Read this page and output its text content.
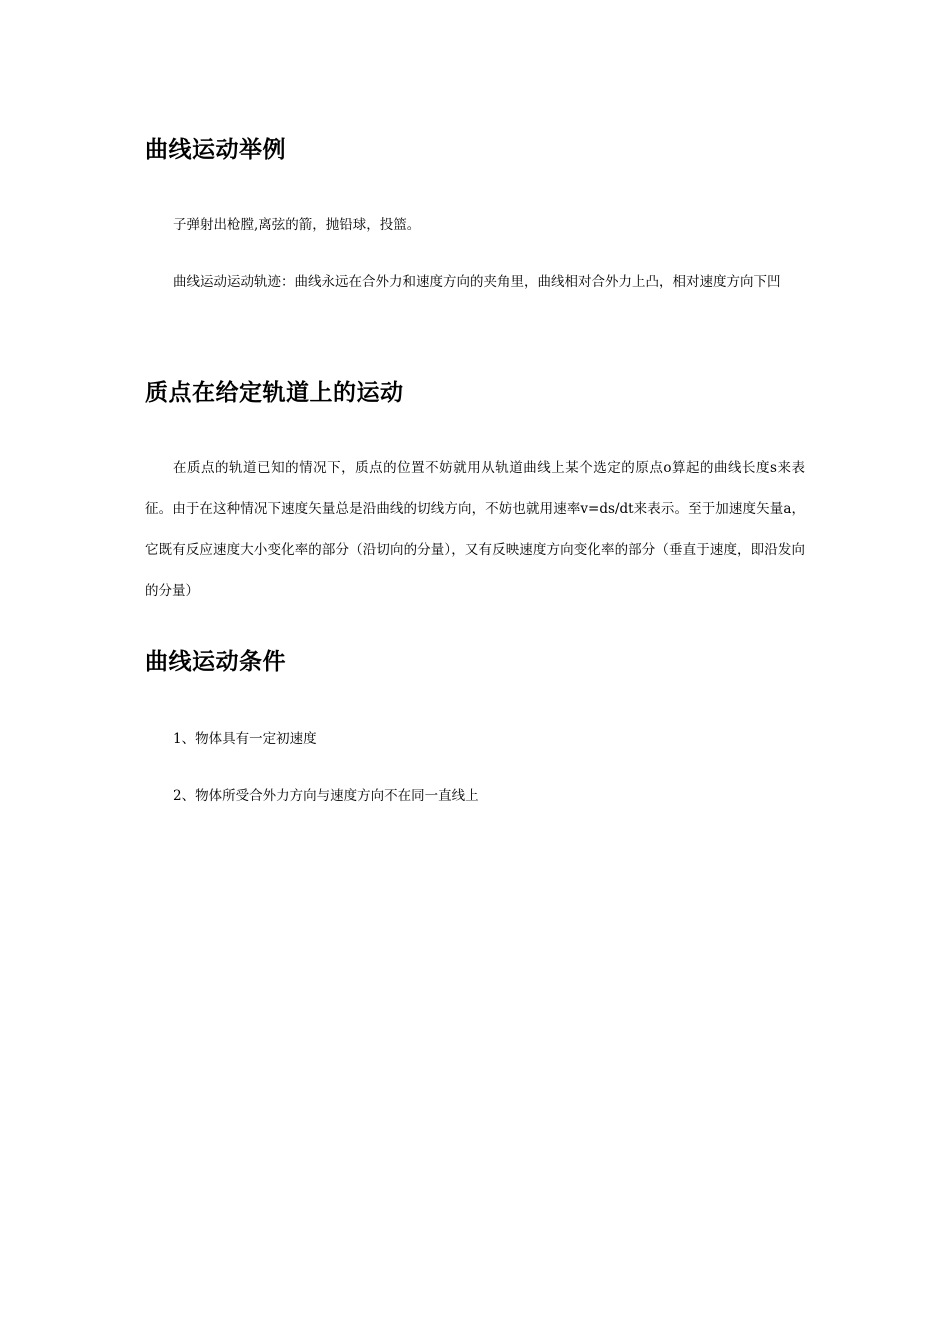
曲线运动举例

子弹射出枪膛,离弦的箭，抛铅球，投篮。

曲线运动运动轨迹：曲线永远在合外力和速度方向的夹角里，曲线相对合外力上凸，相对速度方向下凹

质点在给定轨道上的运动

在质点的轨道已知的情况下，质点的位置不妨就用从轨道曲线上某个选定的原点o算起的曲线长度s来表征。由于在这种情况下速度矢量总是沿曲线的切线方向，不妨也就用速率v=ds/dt来表示。至于加速度矢量a，它既有反应速度大小变化率的部分（沿切向的分量），又有反映速度方向变化率的部分（垂直于速度，即沿发向的分量）

曲线运动条件

1、物体具有一定初速度

2、物体所受合外力方向与速度方向不在同一直线上
